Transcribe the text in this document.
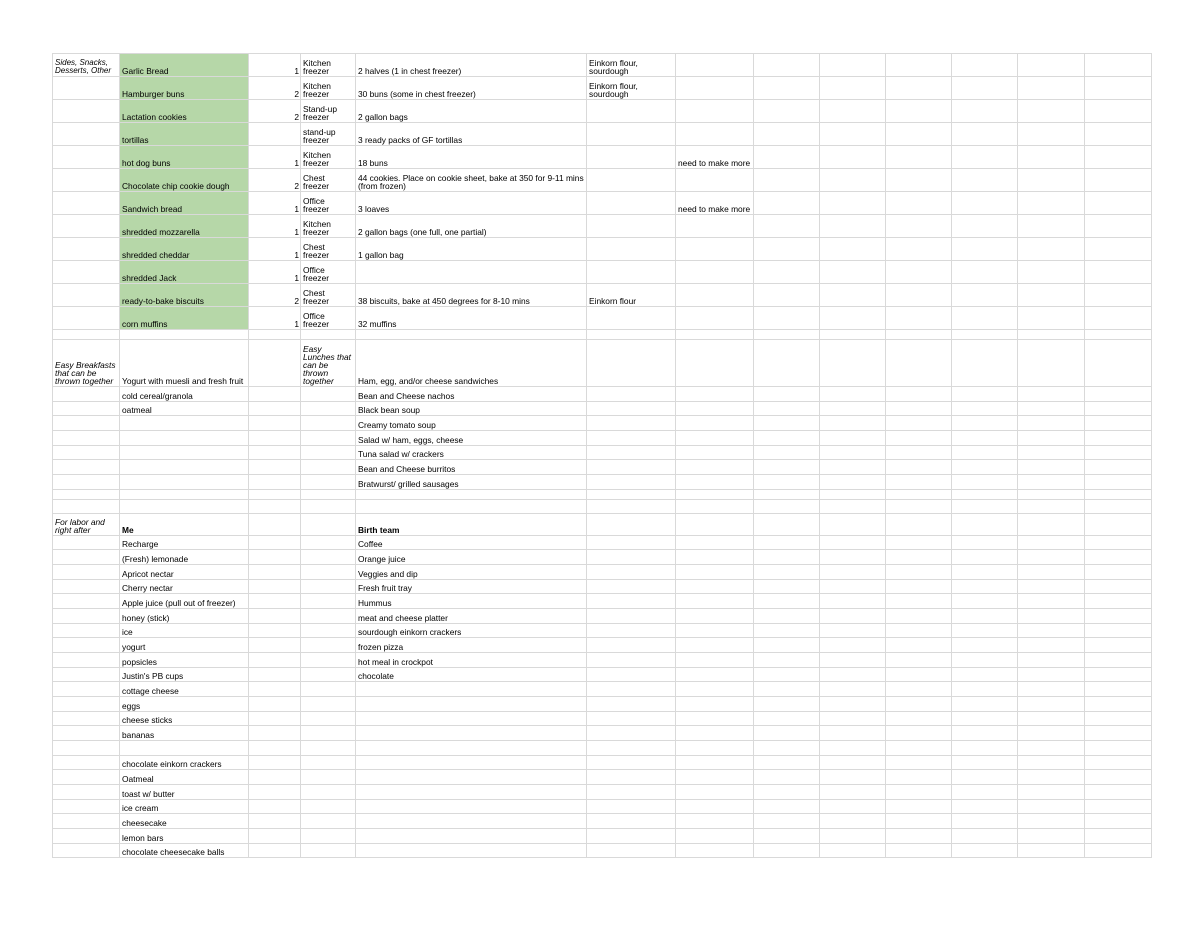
Sides, Snacks, Desserts, Other	Garlic Bread	1	Kitchen freezer	2 halves (1 in chest freezer)	Einkorn flour, sourdough							
	Hamburger buns	2	Kitchen freezer	30 buns (some in chest freezer)	Einkorn flour, sourdough							
	Lactation cookies	2	Stand-up freezer	2 gallon bags								
	tortillas		stand-up freezer	3 ready packs of GF tortillas								
	hot dog buns	1	Kitchen freezer	18 buns		need to make more						
	Chocolate chip cookie dough	2	Chest freezer	44 cookies. Place on cookie sheet, bake at 350 for 9-11 mins (from frozen)								
	Sandwich bread	1	Office freezer	3 loaves		need to make more						
	shredded mozzarella	1	Kitchen freezer	2 gallon bags (one full, one partial)								
	shredded cheddar	1	Chest freezer	1 gallon bag								
	shredded Jack	1	Office freezer									
	ready-to-bake biscuits	2	Chest freezer	38 biscuits, bake at 450 degrees for 8-10 mins	Einkorn flour							
	corn muffins	1	Office freezer	32 muffins								

Easy Breakfasts that can be thrown together	Yogurt with muesli and fresh fruit		Easy Lunches that can be thrown together	Ham, egg, and/or cheese sandwiches								
	cold cereal/granola			Bean and Cheese nachos								
	oatmeal			Black bean soup								
				Creamy tomato soup								
				Salad w/ ham, eggs, cheese								
				Tuna salad w/ crackers								
				Bean and Cheese burritos								
				Bratwurst/ grilled sausages								

For labor and right after	Me			Birth team								
	Recharge			Coffee								
	(Fresh) lemonade			Orange juice								
	Apricot nectar			Veggies and dip								
	Cherry nectar			Fresh fruit tray								
	Apple juice (pull out of freezer)			Hummus								
	honey (stick)			meat and cheese platter								
	ice			sourdough einkorn crackers								
	yogurt			frozen pizza								
	popsicles			hot meal in crockpot								
	Justin's PB cups			chocolate								
	cottage cheese											
	eggs											
	cheese sticks											
	bananas											

	chocolate einkorn crackers											
	Oatmeal											
	toast w/ butter											
	ice cream											
	cheesecake											
	lemon bars											
	chocolate cheesecake balls											
